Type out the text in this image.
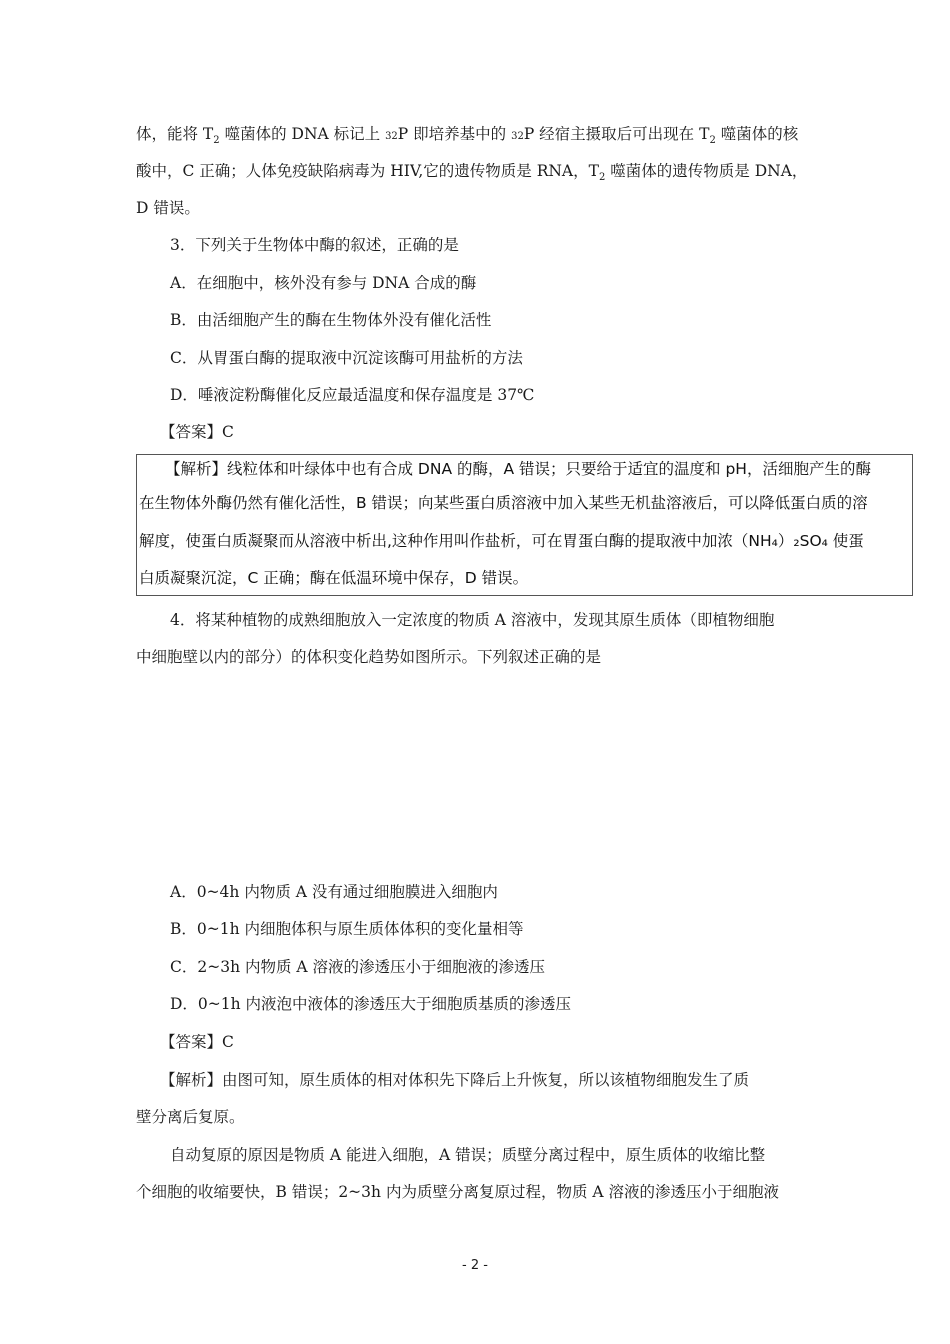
体，能将 $T_2$ 噬菌体的 DNA 标记上 32P 即培养基中的 32P 经宿主摄取后可出现在 $T_2$ 噬菌体的核
酸中，C 正确；人体免疫缺陷病毒为 HIV,它的遗传物质是 RNA，$T_2$ 噬菌体的遗传物质是 DNA，
D 错误。
3．下列关于生物体中酶的叙述，正确的是
A．在细胞中，核外没有参与 DNA 合成的酶
B．由活细胞产生的酶在生物体外没有催化活性
C．从胃蛋白酶的提取液中沉淀该酶可用盐析的方法
D．唾液淀粉酶催化反应最适温度和保存温度是 37℃
【答案】C
【解析】线粒体和叶绿体中也有合成 DNA 的酶，A 错误；只要给于适宜的温度和 pH，活细胞产生的酶
在生物体外酶仍然有催化活性，B 错误；向某些蛋白质溶液中加入某些无机盐溶液后，可以降低蛋白质的溶
解度，使蛋白质凝聚而从溶液中析出,这种作用叫作盐析，可在胃蛋白酶的提取液中加浓（NH₄）₂SO₄ 使蛋
白质凝聚沉淀，C 正确；酶在低温环境中保存，D 错误。
4．将某种植物的成熟细胞放入一定浓度的物质 A 溶液中，发现其原生质体（即植物细胞
中细胞壁以内的部分）的体积变化趋势如图所示。下列叙述正确的是
A．0~4h 内物质 A 没有通过细胞膜进入细胞内
B．0~1h 内细胞体积与原生质体体积的变化量相等
C．2~3h 内物质 A 溶液的渗透压小于细胞液的渗透压
D．0~1h 内液泡中液体的渗透压大于细胞质基质的渗透压
【答案】C
【解析】由图可知，原生质体的相对体积先下降后上升恢复，所以该植物细胞发生了质
壁分离后复原。
自动复原的原因是物质 A 能进入细胞，A 错误；质壁分离过程中，原生质体的收缩比整
个细胞的收缩要快，B 错误；2~3h 内为质壁分离复原过程，物质 A 溶液的渗透压小于细胞液
- 2 -
